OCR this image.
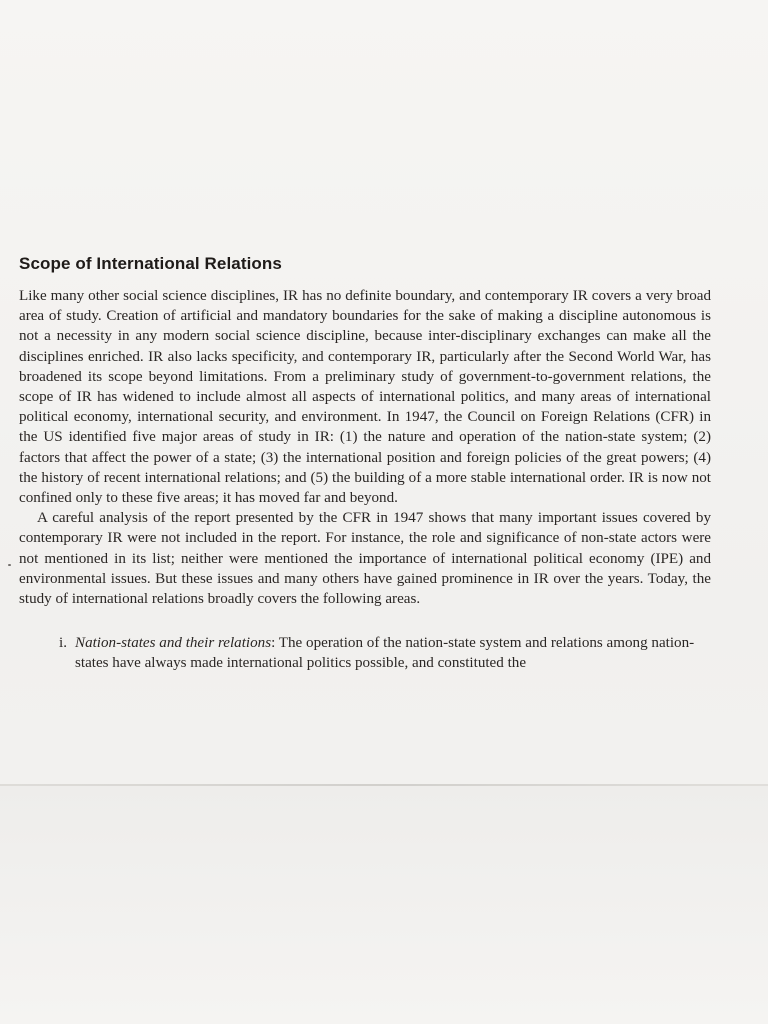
Scope of International Relations

Like many other social science disciplines, IR has no definite boundary, and contemporary IR covers a very broad area of study. Creation of artificial and mandatory boundaries for the sake of making a discipline autonomous is not a necessity in any modern social science discipline, because inter-disciplinary exchanges can make all the disciplines enriched. IR also lacks specificity, and contemporary IR, particularly after the Second World War, has broadened its scope beyond limitations. From a preliminary study of government-to-government relations, the scope of IR has widened to include almost all aspects of international politics, and many areas of international political economy, international security, and environment. In 1947, the Council on Foreign Relations (CFR) in the US identified five major areas of study in IR: (1) the nature and operation of the nation-state system; (2) factors that affect the power of a state; (3) the international position and foreign policies of the great powers; (4) the history of recent international relations; and (5) the building of a more stable international order. IR is now not confined only to these five areas; it has moved far and beyond.

A careful analysis of the report presented by the CFR in 1947 shows that many important issues covered by contemporary IR were not included in the report. For instance, the role and significance of non-state actors were not mentioned in its list; neither were mentioned the importance of international political economy (IPE) and environmental issues. But these issues and many others have gained prominence in IR over the years. Today, the study of international relations broadly covers the following areas.

i. Nation-states and their relations: The operation of the nation-state system and relations among nation-states have always made international politics possible, and constituted the
